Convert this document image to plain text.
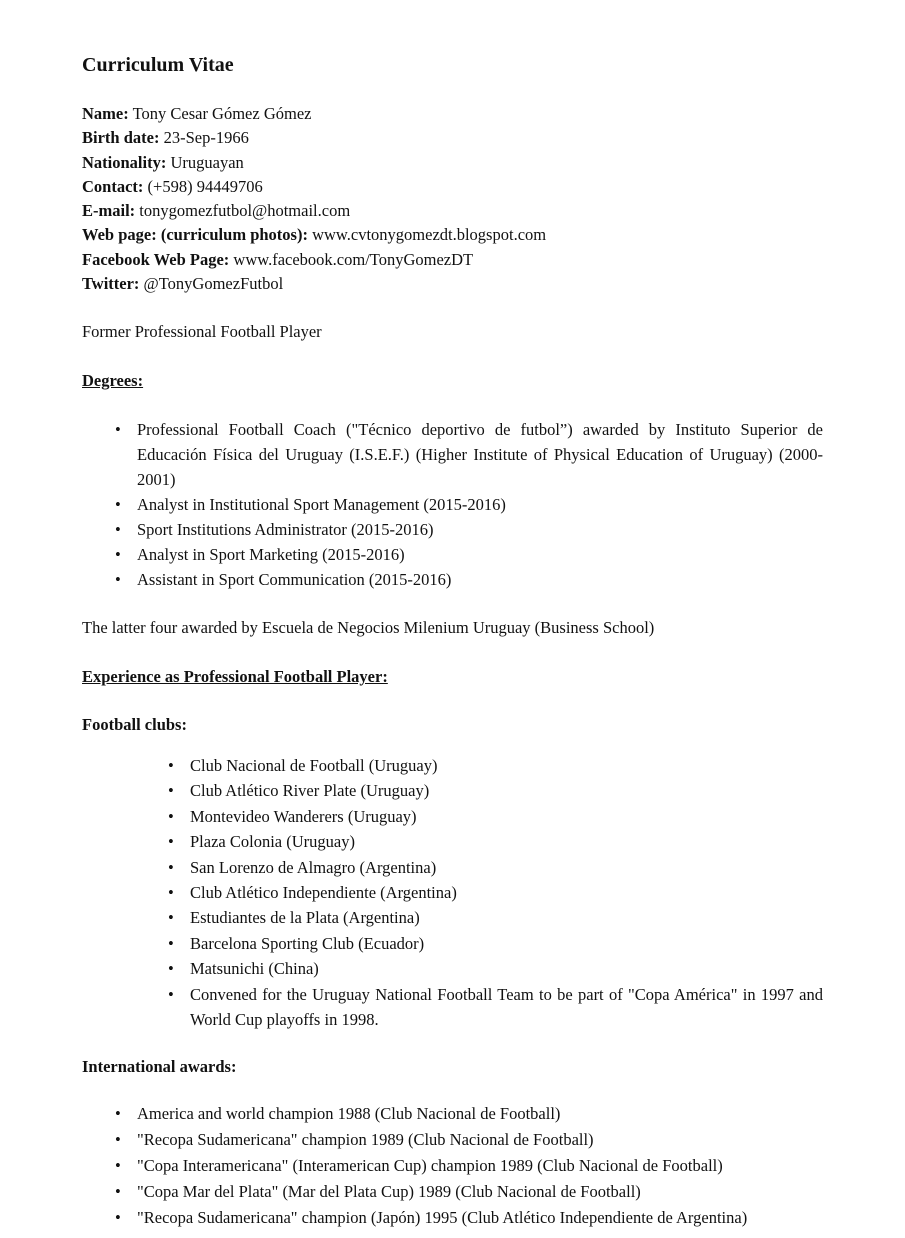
Curriculum Vitae
Name: Tony Cesar Gómez Gómez
Birth date: 23-Sep-1966
Nationality: Uruguayan
Contact: (+598) 94449706
E-mail: tonygomezfutbol@hotmail.com
Web page: (curriculum photos): www.cvtonygomezdt.blogspot.com
Facebook Web Page: www.facebook.com/TonyGomezDT
Twitter: @TonyGomezFutbol
Former Professional Football Player
Degrees:
• Professional Football Coach ("Técnico deportivo de futbol”) awarded by Instituto Superior de Educación Física del Uruguay (I.S.E.F.) (Higher Institute of Physical Education of Uruguay) (2000-2001)
• Analyst in Institutional Sport Management (2015-2016)
• Sport Institutions Administrator (2015-2016)
• Analyst in Sport Marketing (2015-2016)
• Assistant in Sport Communication (2015-2016)
The latter four awarded by Escuela de Negocios Milenium Uruguay (Business School)
Experience as Professional Football Player:
Football clubs:
• Club Nacional de Football (Uruguay)
• Club Atlético River Plate (Uruguay)
• Montevideo Wanderers (Uruguay)
• Plaza Colonia (Uruguay)
• San Lorenzo de Almagro (Argentina)
• Club Atlético Independiente (Argentina)
• Estudiantes de la Plata (Argentina)
• Barcelona Sporting Club (Ecuador)
• Matsunichi (China)
• Convened for the Uruguay National Football Team to be part of "Copa América" in 1997 and World Cup playoffs in 1998.
International awards:
• America and world champion 1988 (Club Nacional de Football)
• "Recopa Sudamericana" champion 1989 (Club Nacional de Football)
• "Copa Interamericana" (Interamerican Cup) champion 1989 (Club Nacional de Football)
• "Copa Mar del Plata" (Mar del Plata Cup) 1989 (Club Nacional de Football)
• "Recopa Sudamericana" champion (Japón) 1995 (Club Atlético Independiente de Argentina)
